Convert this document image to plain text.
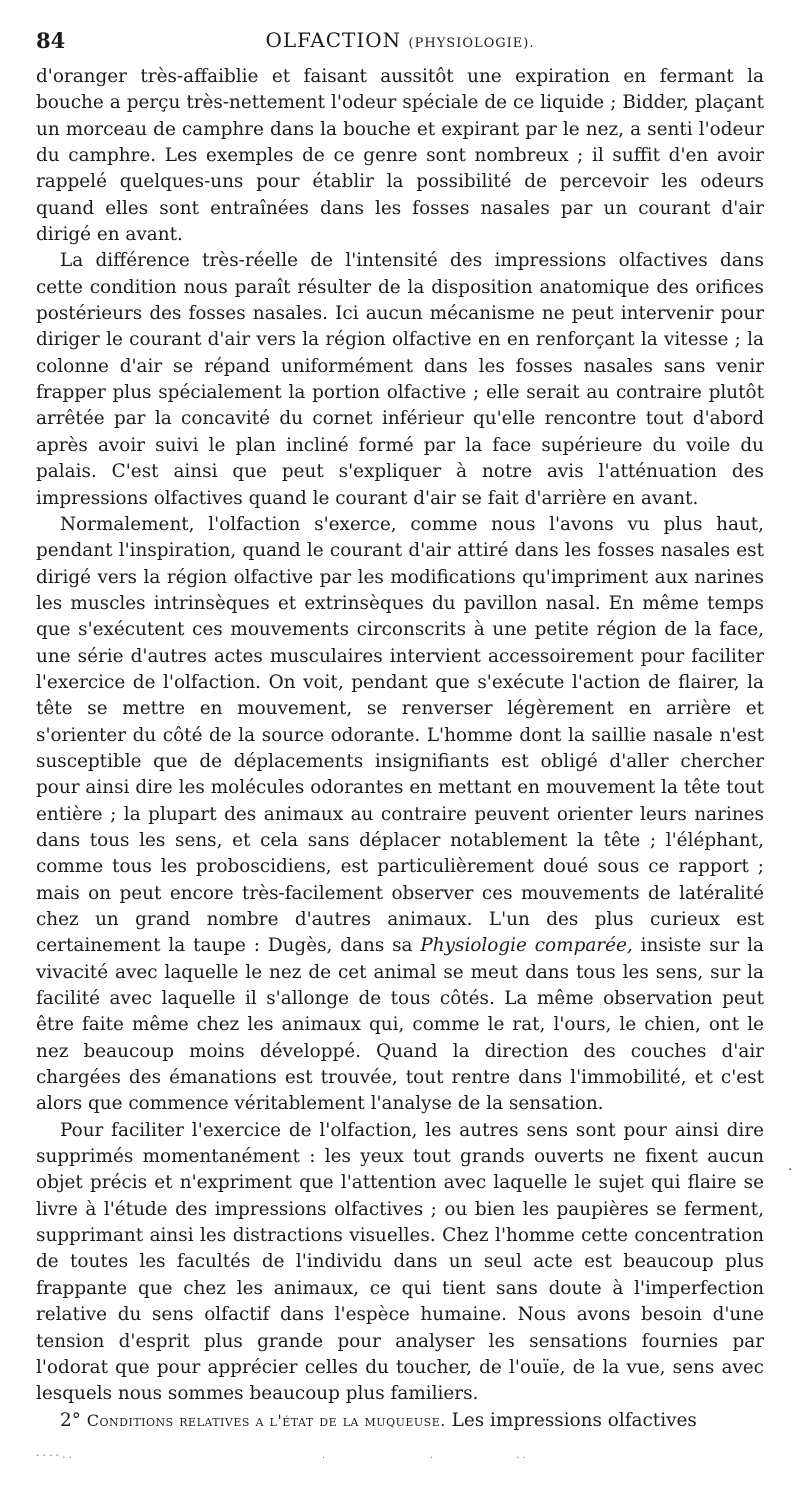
84	OLFACTION (PHYSIOLOGIE).

d'oranger très-affaiblie et faisant aussitôt une expiration en fermant la bouche a perçu très-nettement l'odeur spéciale de ce liquide ; Bidder, plaçant un morceau de camphre dans la bouche et expirant par le nez, a senti l'odeur du camphre. Les exemples de ce genre sont nombreux ; il suffit d'en avoir rappelé quelques-uns pour établir la possibilité de percevoir les odeurs quand elles sont entraînées dans les fosses nasales par un courant d'air dirigé en avant.

La différence très-réelle de l'intensité des impressions olfactives dans cette condition nous paraît résulter de la disposition anatomique des orifices postérieurs des fosses nasales. Ici aucun mécanisme ne peut intervenir pour diriger le courant d'air vers la région olfactive en en renforçant la vitesse ; la colonne d'air se répand uniformément dans les fosses nasales sans venir frapper plus spécialement la portion olfactive ; elle serait au contraire plutôt arrêtée par la concavité du cornet inférieur qu'elle rencontre tout d'abord après avoir suivi le plan incliné formé par la face supérieure du voile du palais. C'est ainsi que peut s'expliquer à notre avis l'atténuation des impressions olfactives quand le courant d'air se fait d'arrière en avant.

Normalement, l'olfaction s'exerce, comme nous l'avons vu plus haut, pendant l'inspiration, quand le courant d'air attiré dans les fosses nasales est dirigé vers la région olfactive par les modifications qu'impriment aux narines les muscles intrinsèques et extrinsèques du pavillon nasal. En même temps que s'exécutent ces mouvements circonscrits à une petite région de la face, une série d'autres actes musculaires intervient accessoirement pour faciliter l'exercice de l'olfaction. On voit, pendant que s'exécute l'action de flairer, la tête se mettre en mouvement, se renverser légèrement en arrière et s'orienter du côté de la source odorante. L'homme dont la saillie nasale n'est susceptible que de déplacements insignifiants est obligé d'aller chercher pour ainsi dire les molécules odorantes en mettant en mouvement la tête tout entière ; la plupart des animaux au contraire peuvent orienter leurs narines dans tous les sens, et cela sans déplacer notablement la tête ; l'éléphant, comme tous les proboscidiens, est particulièrement doué sous ce rapport ; mais on peut encore très-facilement observer ces mouvements de latéralité chez un grand nombre d'autres animaux. L'un des plus curieux est certainement la taupe : Dugès, dans sa Physiologie comparée, insiste sur la vivacité avec laquelle le nez de cet animal se meut dans tous les sens, sur la facilité avec laquelle il s'allonge de tous côtés. La même observation peut être faite même chez les animaux qui, comme le rat, l'ours, le chien, ont le nez beaucoup moins développé. Quand la direction des couches d'air chargées des émanations est trouvée, tout rentre dans l'immobilité, et c'est alors que commence véritablement l'analyse de la sensation.

Pour faciliter l'exercice de l'olfaction, les autres sens sont pour ainsi dire supprimés momentanément : les yeux tout grands ouverts ne fixent aucun objet précis et n'expriment que l'attention avec laquelle le sujet qui flaire se livre à l'étude des impressions olfactives ; ou bien les paupières se ferment, supprimant ainsi les distractions visuelles. Chez l'homme cette concentration de toutes les facultés de l'individu dans un seul acte est beaucoup plus frappante que chez les animaux, ce qui tient sans doute à l'imperfection relative du sens olfactif dans l'espèce humaine. Nous avons besoin d'une tension d'esprit plus grande pour analyser les sensations fournies par l'odorat que pour apprécier celles du toucher, de l'ouïe, de la vue, sens avec lesquels nous sommes beaucoup plus familiers.

2° Conditions relatives a l'état de la muqueuse. Les impressions olfactives

·
- - - - . .	.	.	. .
